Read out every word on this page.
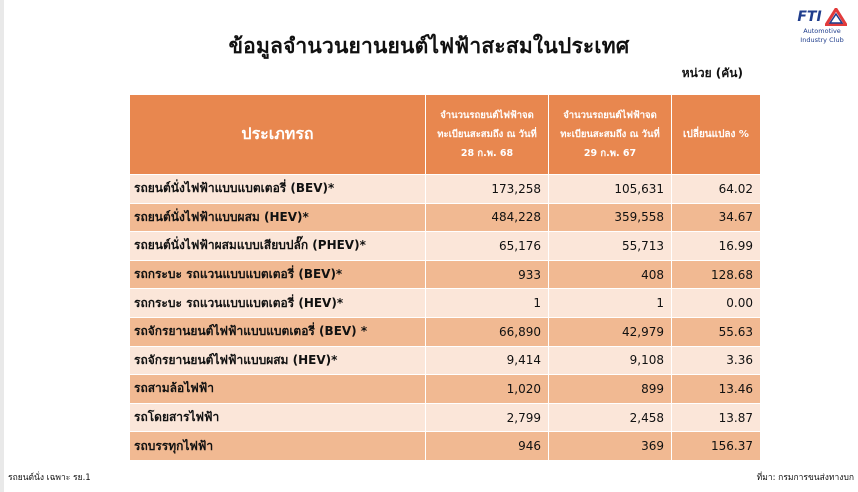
ข้อมูลจำนวนยานยนต์ไฟฟ้าสะสมในประเทศ
FTI
Automotive
Industry Club
หน่วย (คัน)
ประเภทรถ	จำนวนรถยนต์ไฟฟ้าจดทะเบียนสะสมถึง ณ วันที่ 28 ก.พ. 68	จำนวนรถยนต์ไฟฟ้าจดทะเบียนสะสมถึง ณ วันที่ 29 ก.พ. 67	เปลี่ยนแปลง %
รถยนต์นั่งไฟฟ้าแบบแบตเตอรี่ (BEV)*	173,258	105,631	64.02
รถยนต์นั่งไฟฟ้าแบบผสม (HEV)*	484,228	359,558	34.67
รถยนต์นั่งไฟฟ้าผสมแบบเสียบปลั๊ก (PHEV)*	65,176	55,713	16.99
รถกระบะ รถแวนแบบแบตเตอรี่ (BEV)*	933	408	128.68
รถกระบะ รถแวนแบบแบตเตอรี่ (HEV)*	1	1	0.00
รถจักรยานยนต์ไฟฟ้าแบบแบตเตอรี่ (BEV) *	66,890	42,979	55.63
รถจักรยานยนต์ไฟฟ้าแบบผสม (HEV)*	9,414	9,108	3.36
รถสามล้อไฟฟ้า	1,020	899	13.46
รถโดยสารไฟฟ้า	2,799	2,458	13.87
รถบรรทุกไฟฟ้า	946	369	156.37
รถยนต์นั่ง เฉพาะ รย.1	ที่มา: กรมการขนส่งทางบก
